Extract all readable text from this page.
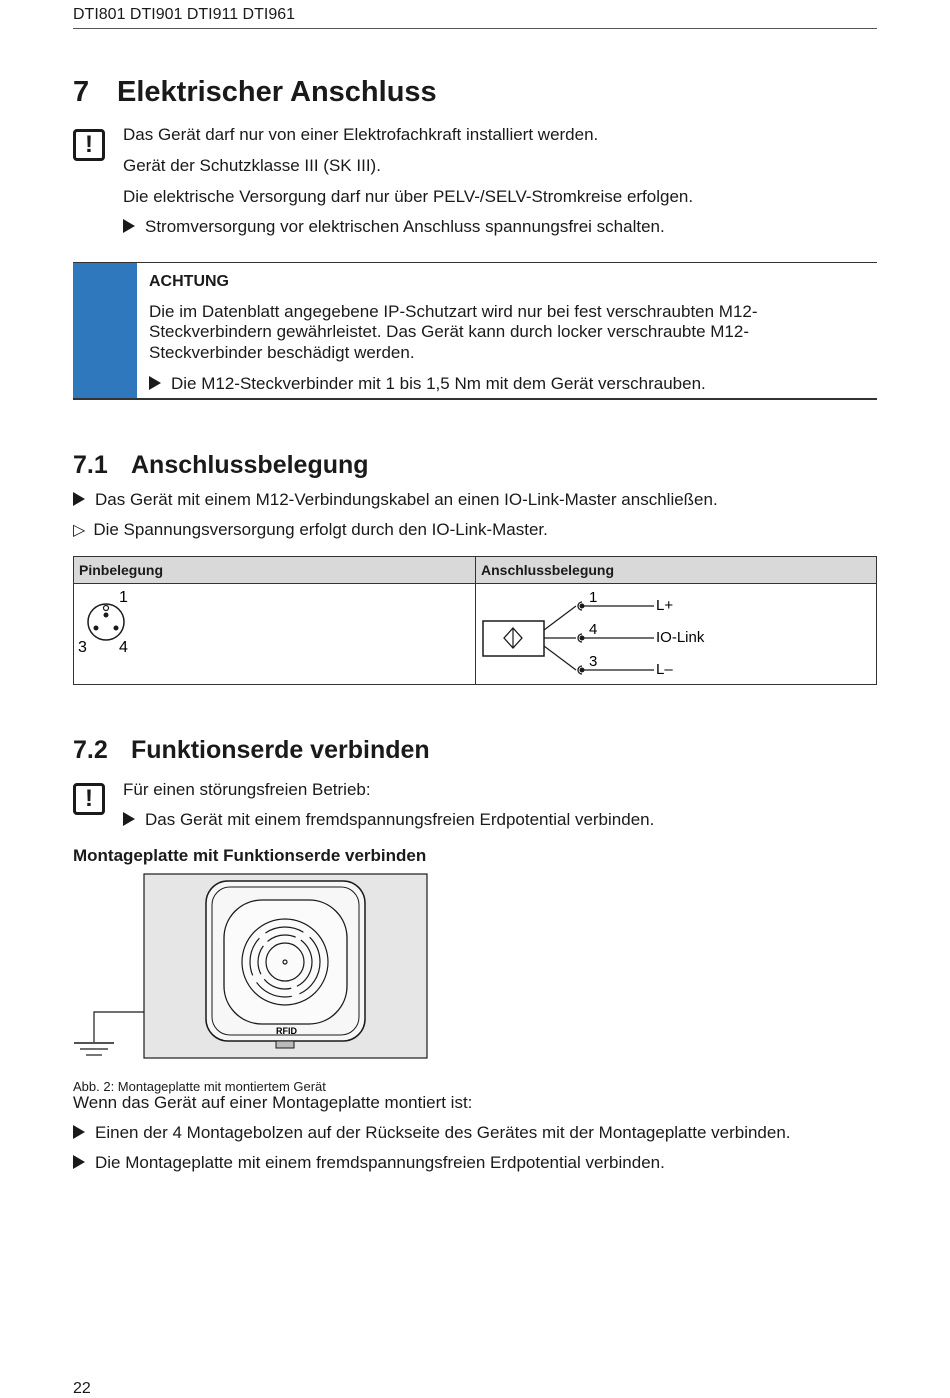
DTI801 DTI901 DTI911 DTI961
7 Elektrischer Anschluss
! Das Gerät darf nur von einer Elektrofachkraft installiert werden.

Gerät der Schutzklasse III (SK III).

Die elektrische Versorgung darf nur über PELV-/SELV-Stromkreise erfolgen.

Stromversorgung vor elektrischen Anschluss spannungsfrei schalten.

ACHTUNG

Die im Datenblatt angegebene IP-Schutzart wird nur bei fest verschraubten M12-

Steckverbindern gewährleistet. Das Gerät kann durch locker verschraubte M12-

Steckverbinder beschädigt werden.

Die M12-Steckverbinder mit 1 bis 1,5 Nm mit dem Gerät verschrauben.

7.1 Anschlussbelegung

Das Gerät mit einem M12-Verbindungskabel an einen IO-Link-Master anschließen.

▷ Die Spannungsversorgung erfolgt durch den IO-Link-Master.

Pinbelegung	Anschlussbelegung
1
3 4
1
4
3
L+
IO-Link
L–
7.2 Funktionserde verbinden
! Für einen störungsfreien Betrieb:

Das Gerät mit einem fremdspannungsfreien Erdpotential verbinden.

Montageplatte mit Funktionserde verbinden

RFID

Abb. 2: Montageplatte mit montiertem Gerät

Wenn das Gerät auf einer Montageplatte montiert ist:

Einen der 4 Montagebolzen auf der Rückseite des Gerätes mit der Montageplatte verbinden.

Die Montageplatte mit einem fremdspannungsfreien Erdpotential verbinden.

22
